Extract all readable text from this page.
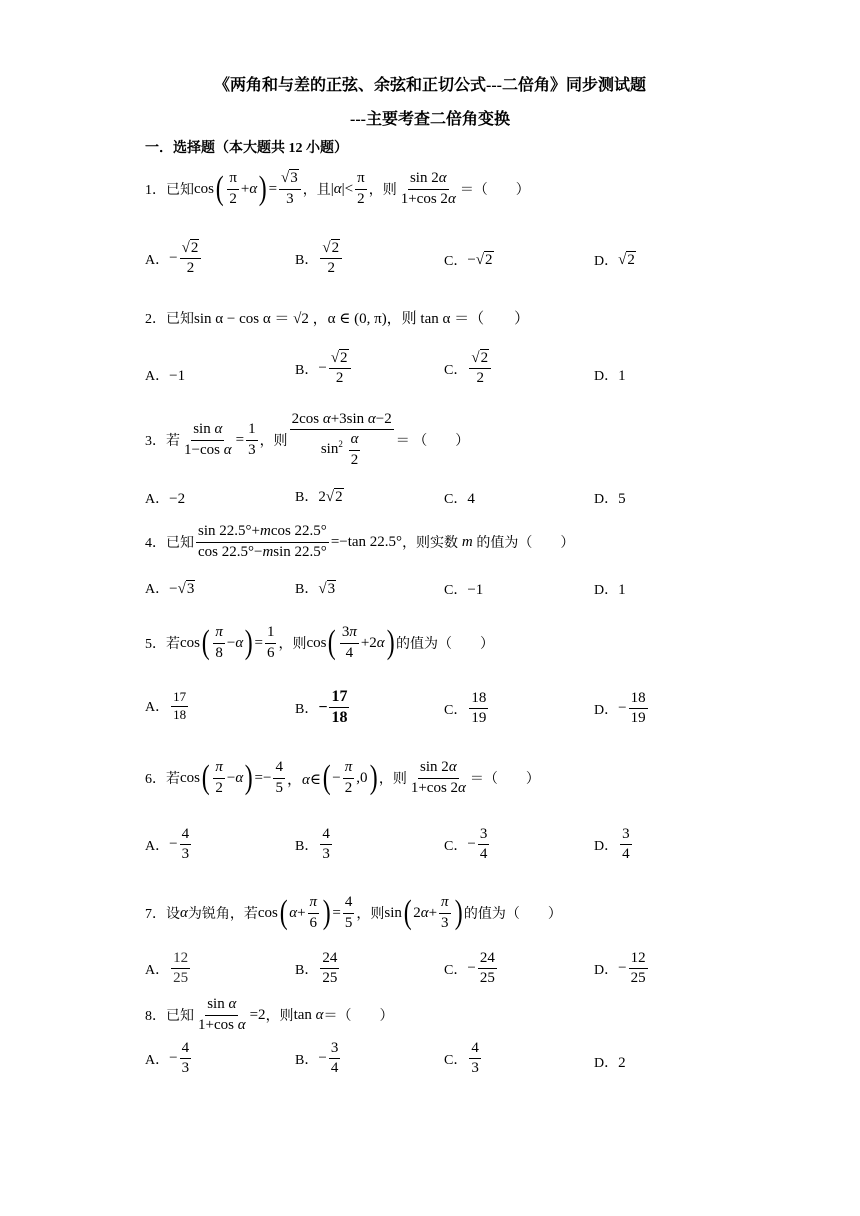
《两角和与差的正弦、余弦和正切公式---二倍角》同步测试题
---主要考查二倍角变换
一．选择题（本大题共 12 小题）
1． 已知 cos ( $\frac{\pi}{2} +\alpha$ ) = $\frac{√3}{3}$ ，且 $|\alpha|< \frac{\pi}{2}$ ，则 $\frac{\sin 2\alpha}{1+\cos 2\alpha}$ ＝（　　）
A． − $\frac{√2}{2}$	B． $\frac{√2}{2}$	C． −√2	D． √2
2． 已知 sin α − cos α ＝ √2 ，α ∈ (0, π)，则 tan α ＝（　　）
A．−1	B． − $\frac{√2}{2}$	C． $\frac{√2}{2}$	D．1
3． 若 $\frac{\text{sin α}}{\text{1−cos α}} = \frac{1}{3}$ ，则 $\frac{\text{2cos α+3sin α−2}}{\sin^2 \frac{\alpha}{2}}$ ＝ （　　）
A．−2	B．2√2	C．4	D．5
4． 已知 $\frac{\sin 22.5^\circ+mcos 22.5^\circ}{\cos 22.5^\circ-msin 22.5^\circ} =-\tan$ 22.5° ，则实数 m 的值为（　　）
A．−√3	B．√3	C．−1	D．1
5． 若 cos ( $\frac{\pi}{8} -\alpha$ ) = $\frac{1}{6}$ ，则 cos ( $\frac{3\pi}{4} +2\alpha$ ) 的值为（　　）
A． $\frac{17}{18}$	B． − $\frac{17}{18}$	C． $\frac{18}{19}$	D． − $\frac{18}{19}$
6． 若 cos ( $\frac{\pi}{2} -\alpha$ ) =− $\frac{4}{5}$ ，α∈ ( − $\frac{\pi}{2} ,0$ ) ，则 $\frac{\sin 2\alpha}{1+\cos 2\alpha}$ ＝（　　）
A． − $\frac{4}{3}$	B． $\frac{4}{3}$	C． − $\frac{3}{4}$	D． $\frac{3}{4}$
7． 设 α 为锐角，若 cos ( $\alpha + \frac{\pi}{6}$ ) = $\frac{4}{5}$ ，则 sin ( $2\alpha+ \frac{\pi}{3}$ ) 的值为（　　）
A． $\frac{12}{25}$	B． $\frac{24}{25}$	C． − $\frac{24}{25}$	D． − $\frac{12}{25}$
8． 已知 $\frac{\text{sin α}}{\text{1+cos α}} =2$ ，则 tan α ＝（　　）
A． − $\frac{4}{3}$	B． − $\frac{3}{4}$	C． $\frac{4}{3}$	D．2
